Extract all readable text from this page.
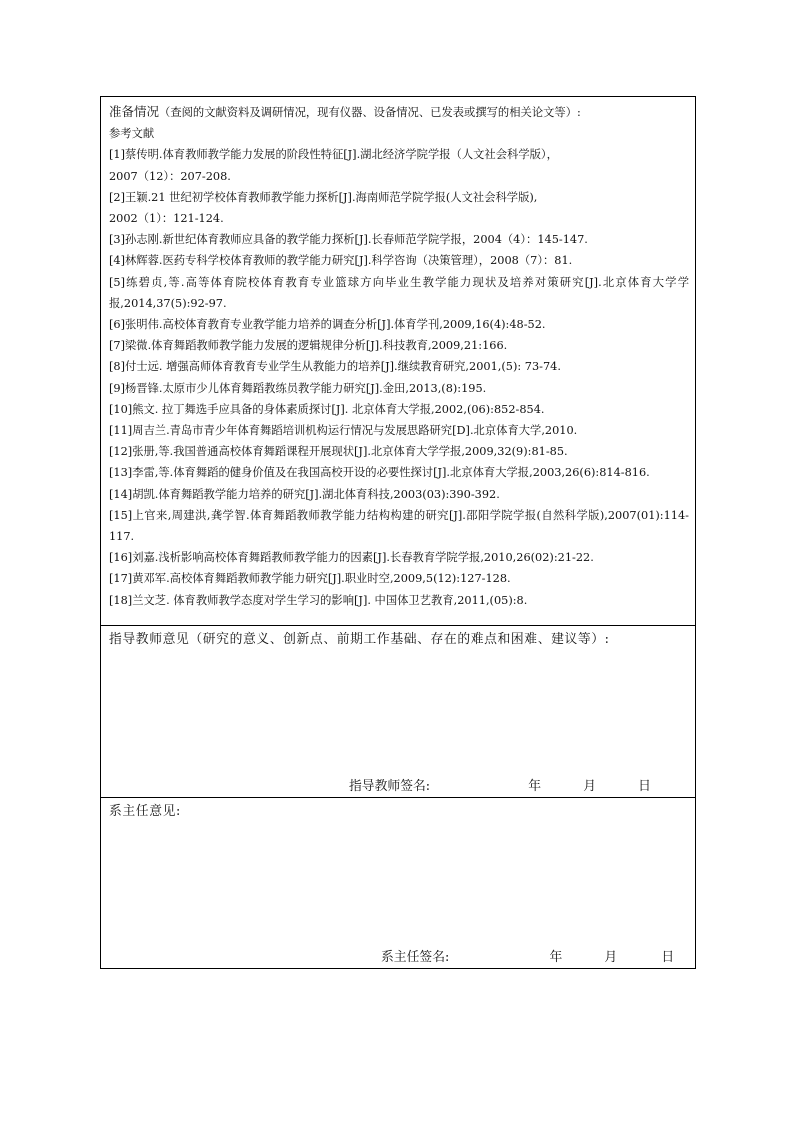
准备情况（查阅的文献资料及调研情况，现有仪器、设备情况、已发表或撰写的相关论文等）:
参考文献
[1]蔡传明.体育教师教学能力发展的阶段性特征[J].湖北经济学院学报（人文社会科学版），
2007（12）：207-208.
[2]王颖.21 世纪初学校体育教师教学能力探析[J].海南师范学院学报(人文社会科学版),
2002（1）：121-124.
[3]孙志刚.新世纪体育教师应具备的教学能力探析[J].长春师范学院学报，2004（4）：145-147.
[4]林辉蓉.医药专科学校体育教师的教学能力研究[J].科学咨询（决策管理），2008（7）：81.
[5]练碧贞,等.高等体育院校体育教育专业篮球方向毕业生教学能力现状及培养对策研究[J].北京体育大学学报,2014,37(5):92-97.
[6]张明伟.高校体育教育专业教学能力培养的调查分析[J].体育学刊,2009,16(4):48-52.
[7]梁微.体育舞蹈教师教学能力发展的逻辑规律分析[J].科技教育,2009,21:166.
[8]付士远. 增强高师体育教育专业学生从教能力的培养[J].继续教育研究,2001,(5): 73-74.
[9]杨晋锋.太原市少儿体育舞蹈教练员教学能力研究[J].金田,2013,(8):195.
[10]熊文. 拉丁舞选手应具备的身体素质探讨[J]. 北京体育大学报,2002,(06):852-854.
[11]周吉兰.青岛市青少年体育舞蹈培训机构运行情况与发展思路研究[D].北京体育大学,2010.
[12]张册,等.我国普通高校体育舞蹈课程开展现状[J].北京体育大学学报,2009,32(9):81-85.
[13]李雷,等.体育舞蹈的健身价值及在我国高校开设的必要性探讨[J].北京体育大学报,2003,26(6):814-816.
[14]胡凯.体育舞蹈教学能力培养的研究[J].湖北体育科技,2003(03):390-392.
[15]上官来,周建洪,龚学智.体育舞蹈教师教学能力结构构建的研究[J].邵阳学院学报(自然科学版),2007(01):114-117.
[16]刘嘉.浅析影响高校体育舞蹈教师教学能力的因素[J].长春教育学院学报,2010,26(02):21-22.
[17]黄邓军.高校体育舞蹈教师教学能力研究[J].职业时空,2009,5(12):127-128.
[18]兰文芝. 体育教师教学态度对学生学习的影响[J]. 中国体卫艺教育,2011,(05):8.
指导教师意见（研究的意义、创新点、前期工作基础、存在的难点和困难、建议等）:
指导教师签名:	年	月	日
系主任意见:
系主任签名:	年	月	日
